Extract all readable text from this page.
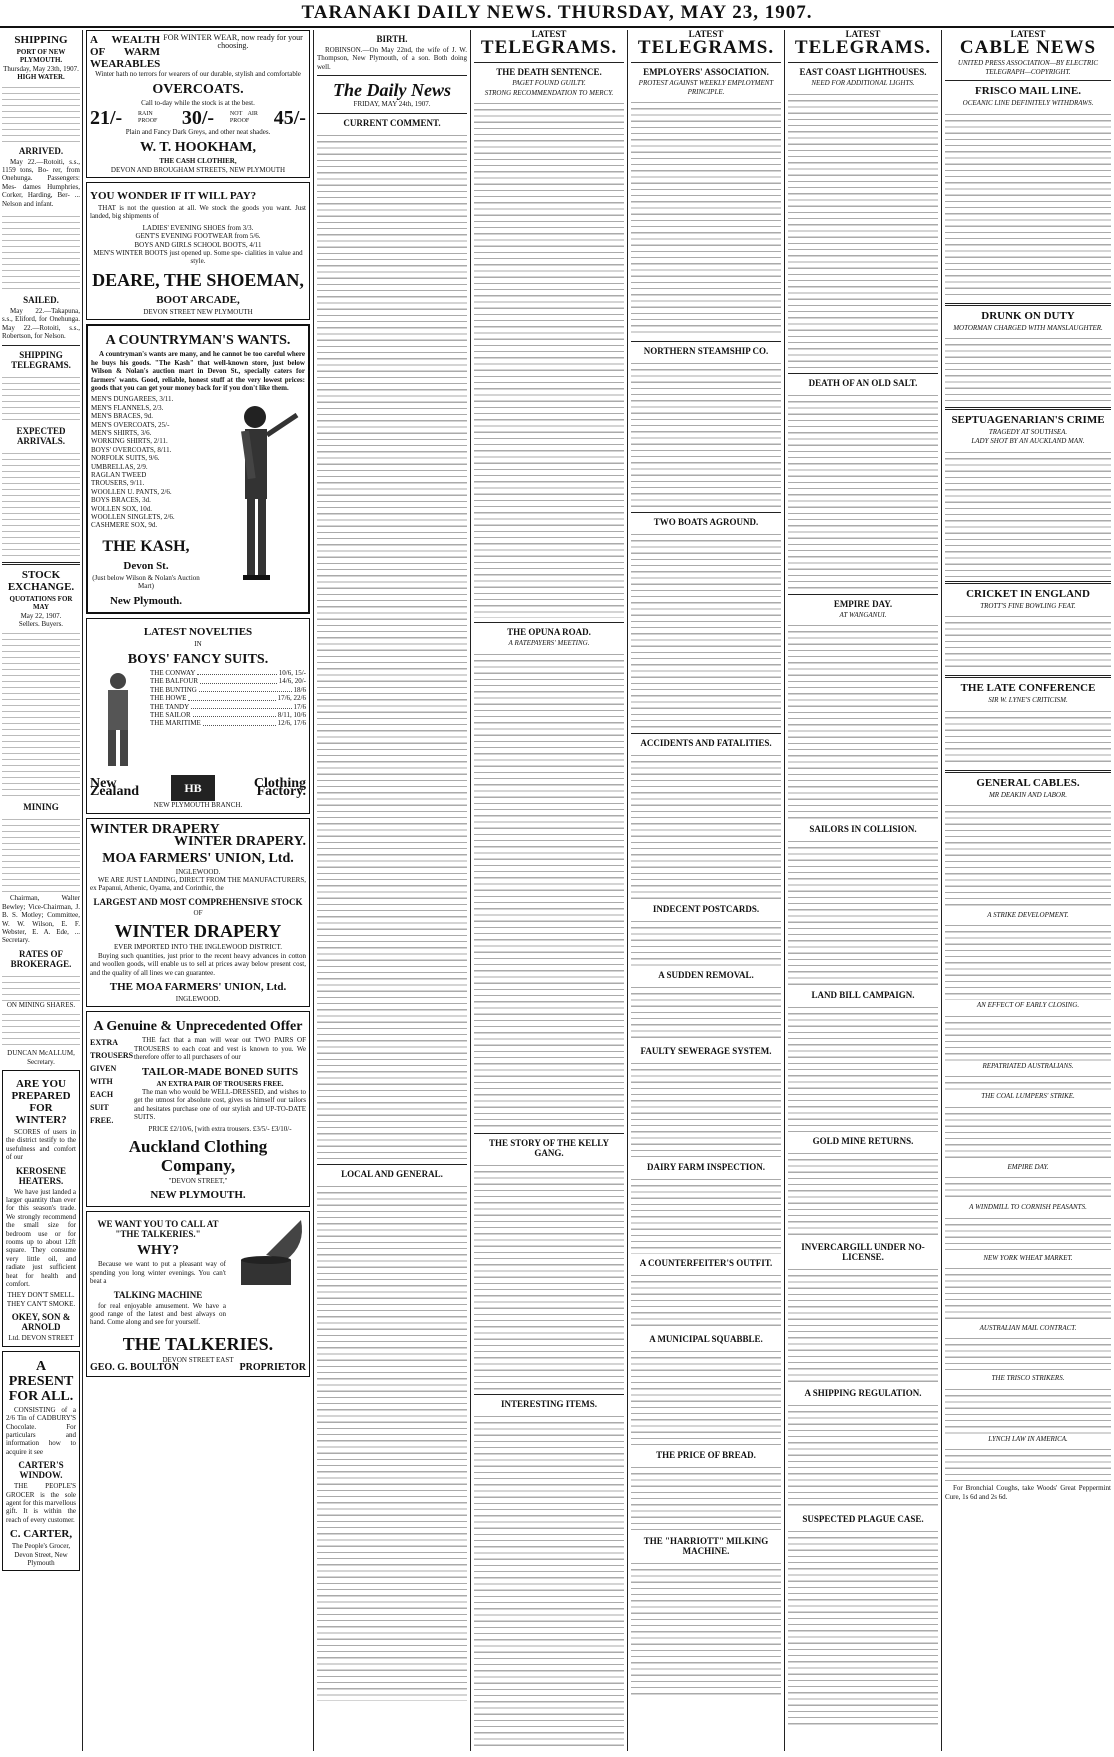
TARANAKI DAILY NEWS. THURSDAY, MAY 23, 1907.
SHIPPING
PORT OF NEW PLYMOUTH.
Thursday, May 23th, 1907.
HIGH WATER.
ARRIVED.

May 22.—Rotoiti, s.s., 1159 tons, Bo- rer, from Onehunga. Passengers: Mes- dames Humphries, Corker, Harding, Ber- ... Nelson and infant.

SAILED.

May 22.—Takapuna, s.s., Eliford, for Onehunga. May 22.—Rotoiti, s.s., Robertson, for Nelson.

SHIPPING TELEGRAMS.
EXPECTED ARRIVALS.
STOCK EXCHANGE.
QUOTATIONS FOR MAY
May 22, 1907.
Sellers. Buyers.
MINING

Chairman, Walter Bewley; Vice-Chairman, J. B. S. Motley; Committee, W. W. Wilson, E. F. Webster, E. A. Ede, ... Secretary.

RATES OF BROKERAGE.
ON MINING SHARES.
DUNCAN McALLUM, Secretary.
ARE YOU PREPARED FOR WINTER?

SCORES of users in the district testify to the usefulness and comfort of our

KEROSENE HEATERS.

We have just landed a larger quantity than ever for this season's trade. We strongly recommend the small size for bedroom use or for rooms up to about 12ft square. They consume very little oil, and radiate just sufficient heat for health and comfort.

THEY DON'T SMELL. THEY CAN'T SMOKE.
OKEY, SON & ARNOLD
Ltd. DEVON STREET
A PRESENT FOR ALL.

CONSISTING of a 2/6 Tin of CADBURY'S Chocolate. For particulars and information how to acquire it see

CARTER'S WINDOW.

THE PEOPLE'S GROCER is the sole agent for this marvellous gift. It is within the reach of every customer.

C. CARTER,
The People's Grocer,
Devon Street, New Plymouth
A WEALTH OF WARM WEARABLES
FOR WINTER WEAR, now ready for your choosing.
Winter hath no terrors for wearers of our durable, stylish and comfortable
OVERCOATS.
Call to-day while the stock is at the best.
21/-	RAIN PROOF	30/-	NOT AIR PROOF	45/-
Plain and Fancy Dark Greys, and other neat shades.
W. T. HOOKHAM,
THE CASH CLOTHIER,
DEVON AND BROUGHAM STREETS, NEW PLYMOUTH
YOU WONDER IF IT WILL PAY?

THAT is not the question at all. We stock the goods you want. Just landed, big shipments of

LADIES' EVENING SHOES from 3/3.
GENT'S EVENING FOOTWEAR from 5/6.
BOYS AND GIRLS SCHOOL BOOTS, 4/11
MEN'S WINTER BOOTS just opened up. Some spe- cialities in value and style.
DEARE, THE SHOEMAN,
BOOT ARCADE,
DEVON STREET NEW PLYMOUTH
A COUNTRYMAN'S WANTS.

A countryman's wants are many, and he cannot be too careful where he buys his goods. "The Kash" that well-known store, just below Wilson & Nolan's auction mart in Devon St., specially caters for farmers' wants. Good, reliable, honest stuff at the very lowest prices: goods that you can get your money back for if you don't like them.

MEN'S DUNGAREES, 3/11.
MEN'S FLANNELS, 2/3.
MEN'S BRACES, 9d.
MEN'S OVERCOATS, 25/-
MEN'S SHIRTS, 3/6.
WORKING SHIRTS, 2/11.
BOYS' OVERCOATS, 8/11.
NORFOLK SUITS, 9/6.
UMBRELLAS, 2/9.
RAGLAN TWEED
TROUSERS, 9/11.
WOOLLEN U. PANTS, 2/6.
BOYS BRACES, 3d.
WOLLEN SOX, 10d.
WOOLLEN SINGLETS, 2/6.
CASHMERE SOX, 9d.
THE KASH,
Devon St.
(Just below Wilson & Nolan's Auction Mart)
New Plymouth.
LATEST NOVELTIES
IN
BOYS' FANCY SUITS.
THE CONWAY	10/6, 15/-
THE BALFOUR	14/6, 20/-
THE BUNTING	18/6
THE HOWE	17/6, 22/6
THE TANDY	17/6
THE SAILOR	8/11, 10/6
THE MARITIME	12/6, 17/6
New Zealand	HB	Clothing Factory.
NEW PLYMOUTH BRANCH.
WINTER DRAPERY
WINTER DRAPERY.
MOA FARMERS' UNION, Ltd.
INGLEWOOD.

WE ARE JUST LANDING, DIRECT FROM THE MANUFACTURERS, ex Papanui, Athenic, Oyama, and Corinthic, the

LARGEST AND MOST COMPREHENSIVE STOCK
OF
WINTER DRAPERY
EVER IMPORTED INTO THE INGLEWOOD DISTRICT.

Buying such quantities, just prior to the recent heavy advances in cotton and woollen goods, will enable us to sell at prices away below present cost, and the quality of all lines we can guarantee.

THE MOA FARMERS' UNION, Ltd.
INGLEWOOD.
A Genuine & Unprecedented Offer
EXTRA
TROUSERS
GIVEN
WITH
EACH
SUIT
FREE.

THE fact that a man will wear out TWO PAIRS OF TROUSERS to each coat and vest is known to you. We therefore offer to all purchasers of our

TAILOR-MADE BONED SUITS
AN EXTRA PAIR OF TROUSERS FREE.

The man who would be WELL-DRESSED, and wishes to get the utmost for absolute cost, gives us himself our tailors and hesitates purchase one of our stylish and UP-TO-DATE SUITS.

PRICE £2/10/6, [with extra trousers. £3/5/- £3/10/-
Auckland Clothing Company,
"DEVON STREET,"
NEW PLYMOUTH.
WE WANT YOU TO CALL AT "THE TALKERIES."
WHY?

Because we want to put a pleasant way of spending you long winter evenings. You can't beat a

TALKING MACHINE

for real enjoyable amusement. We have a good range of the latest and best always on hand. Come along and see for yourself.

THE TALKERIES.
DEVON STREET EAST
GEO. G. BOULTON	PROPRIETOR
BIRTH.

ROBINSON.—On May 22nd, the wife of J. W. Thompson, New Plymouth, of a son. Both doing well.

The Daily News
FRIDAY, MAY 24th, 1907.
CURRENT COMMENT.
LOCAL AND GENERAL.
LATEST
TELEGRAMS.
THE DEATH SENTENCE.
PAGET FOUND GUILTY.
STRONG RECOMMENDATION TO MERCY.
THE OPUNA ROAD.
A RATEPAYERS' MEETING.
THE STORY OF THE KELLY GANG.
INTERESTING ITEMS.
LATEST
TELEGRAMS.
EMPLOYERS' ASSOCIATION.
PROTEST AGAINST WEEKLY EMPLOYMENT PRINCIPLE.
NORTHERN STEAMSHIP CO.
TWO BOATS AGROUND.
ACCIDENTS AND FATALITIES.
INDECENT POSTCARDS.
A SUDDEN REMOVAL.
FAULTY SEWERAGE SYSTEM.
DAIRY FARM INSPECTION.
A COUNTERFEITER'S OUTFIT.
A MUNICIPAL SQUABBLE.
THE PRICE OF BREAD.
THE "HARRIOTT" MILKING MACHINE.
LATEST
TELEGRAMS.
EAST COAST LIGHTHOUSES.
NEED FOR ADDITIONAL LIGHTS.
DEATH OF AN OLD SALT.
EMPIRE DAY.
AT WANGANUI.
SAILORS IN COLLISION.
LAND BILL CAMPAIGN.
GOLD MINE RETURNS.
INVERCARGILL UNDER NO-LICENSE.
A SHIPPING REGULATION.
SUSPECTED PLAGUE CASE.
LATEST
CABLE NEWS
UNITED PRESS ASSOCIATION—BY ELECTRIC TELEGRAPH—COPYRIGHT.
FRISCO MAIL LINE.
OCEANIC LINE DEFINITELY WITHDRAWS.
DRUNK ON DUTY
MOTORMAN CHARGED WITH MANSLAUGHTER.
SEPTUAGENARIAN'S CRIME
TRAGEDY AT SOUTHSEA.
LADY SHOT BY AN AUCKLAND MAN.
CRICKET IN ENGLAND
TROTT'S FINE BOWLING FEAT.
THE LATE CONFERENCE
SIR W. LYNE'S CRITICISM.
GENERAL CABLES.
MR DEAKIN AND LABOR.
A STRIKE DEVELOPMENT.
AN EFFECT OF EARLY CLOSING.
REPATRIATED AUSTRALIANS.
THE COAL LUMPERS' STRIKE.
EMPIRE DAY.
A WINDMILL TO CORNISH PEASANTS.
NEW YORK WHEAT MARKET.
AUSTRALIAN MAIL CONTRACT.
THE TRISCO STRIKERS.
LYNCH LAW IN AMERICA.

For Bronchial Coughs, take Woods' Great Peppermint Cure, 1s 6d and 2s 6d.
